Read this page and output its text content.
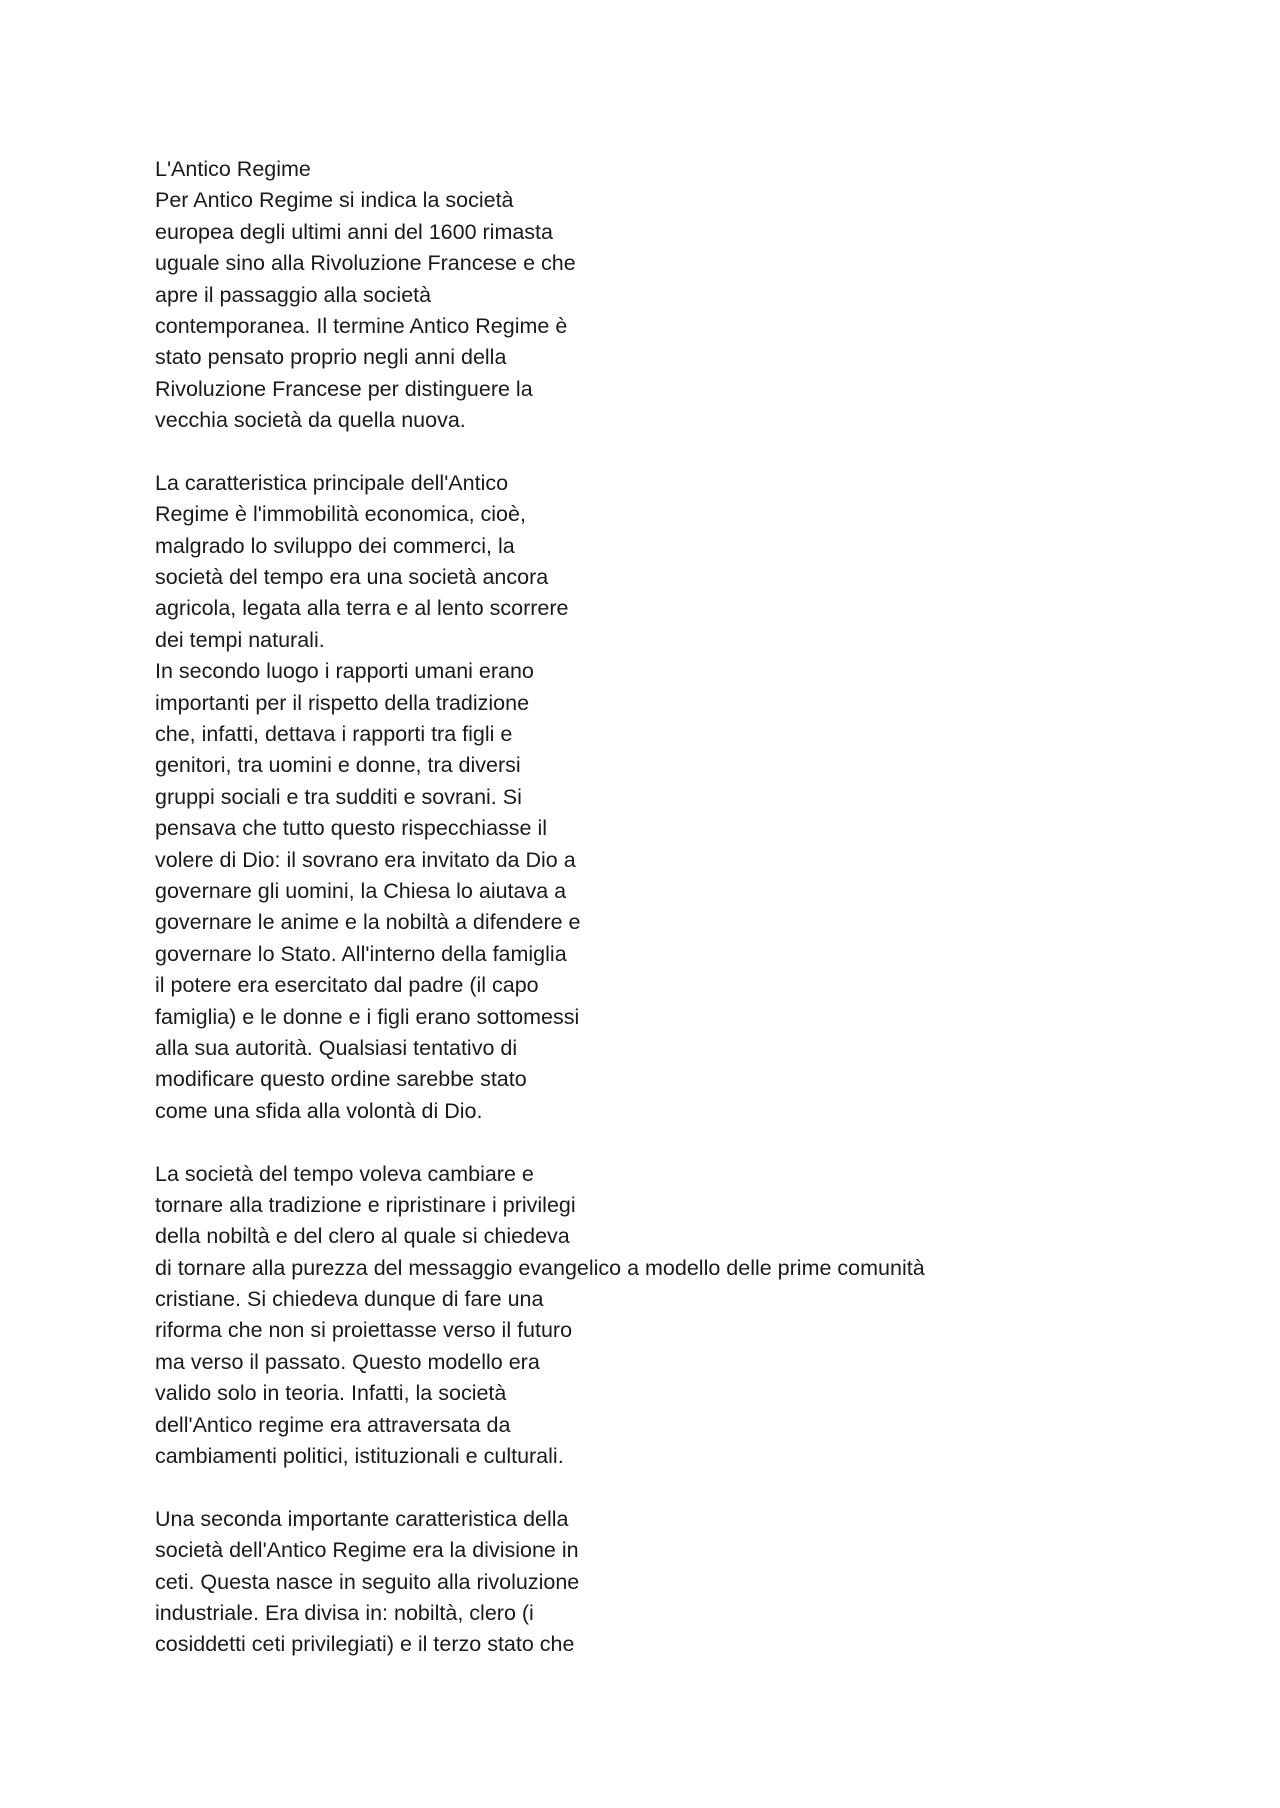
L'Antico Regime
Per Antico Regime si indica la società
europea degli ultimi anni del 1600 rimasta
uguale sino alla Rivoluzione Francese e che
apre il passaggio alla società
contemporanea. Il termine Antico Regime è
stato pensato proprio negli anni della
Rivoluzione Francese per distinguere la
vecchia società da quella nuova.
La caratteristica principale dell'Antico
Regime è l'immobilità economica, cioè,
malgrado lo sviluppo dei commerci, la
società del tempo era una società ancora
agricola, legata alla terra e al lento scorrere
dei tempi naturali.
In secondo luogo i rapporti umani erano
importanti per il rispetto della tradizione
che, infatti, dettava i rapporti tra figli e
genitori, tra uomini e donne, tra diversi
gruppi sociali e tra sudditi e sovrani. Si
pensava che tutto questo rispecchiasse il
volere di Dio: il sovrano era invitato da Dio a
governare gli uomini, la Chiesa lo aiutava a
governare le anime e la nobiltà a difendere e
governare lo Stato. All'interno della famiglia
il potere era esercitato dal padre (il capo
famiglia) e le donne e i figli erano sottomessi
alla sua autorità. Qualsiasi tentativo di
modificare questo ordine sarebbe stato
come una sfida alla volontà di Dio.
La società del tempo voleva cambiare e
tornare alla tradizione e ripristinare i privilegi
della nobiltà e del clero al quale si chiedeva
di tornare alla purezza del messaggio evangelico a modello delle prime comunità
cristiane. Si chiedeva dunque di fare una
riforma che non si proiettasse verso il futuro
ma verso il passato. Questo modello era
valido solo in teoria. Infatti, la società
dell'Antico regime era attraversata da
cambiamenti politici, istituzionali e culturali.
Una seconda importante caratteristica della
società dell'Antico Regime era la divisione in
ceti. Questa nasce in seguito alla rivoluzione
industriale. Era divisa in: nobiltà, clero (i
cosiddetti ceti privilegiati) e il terzo stato che
